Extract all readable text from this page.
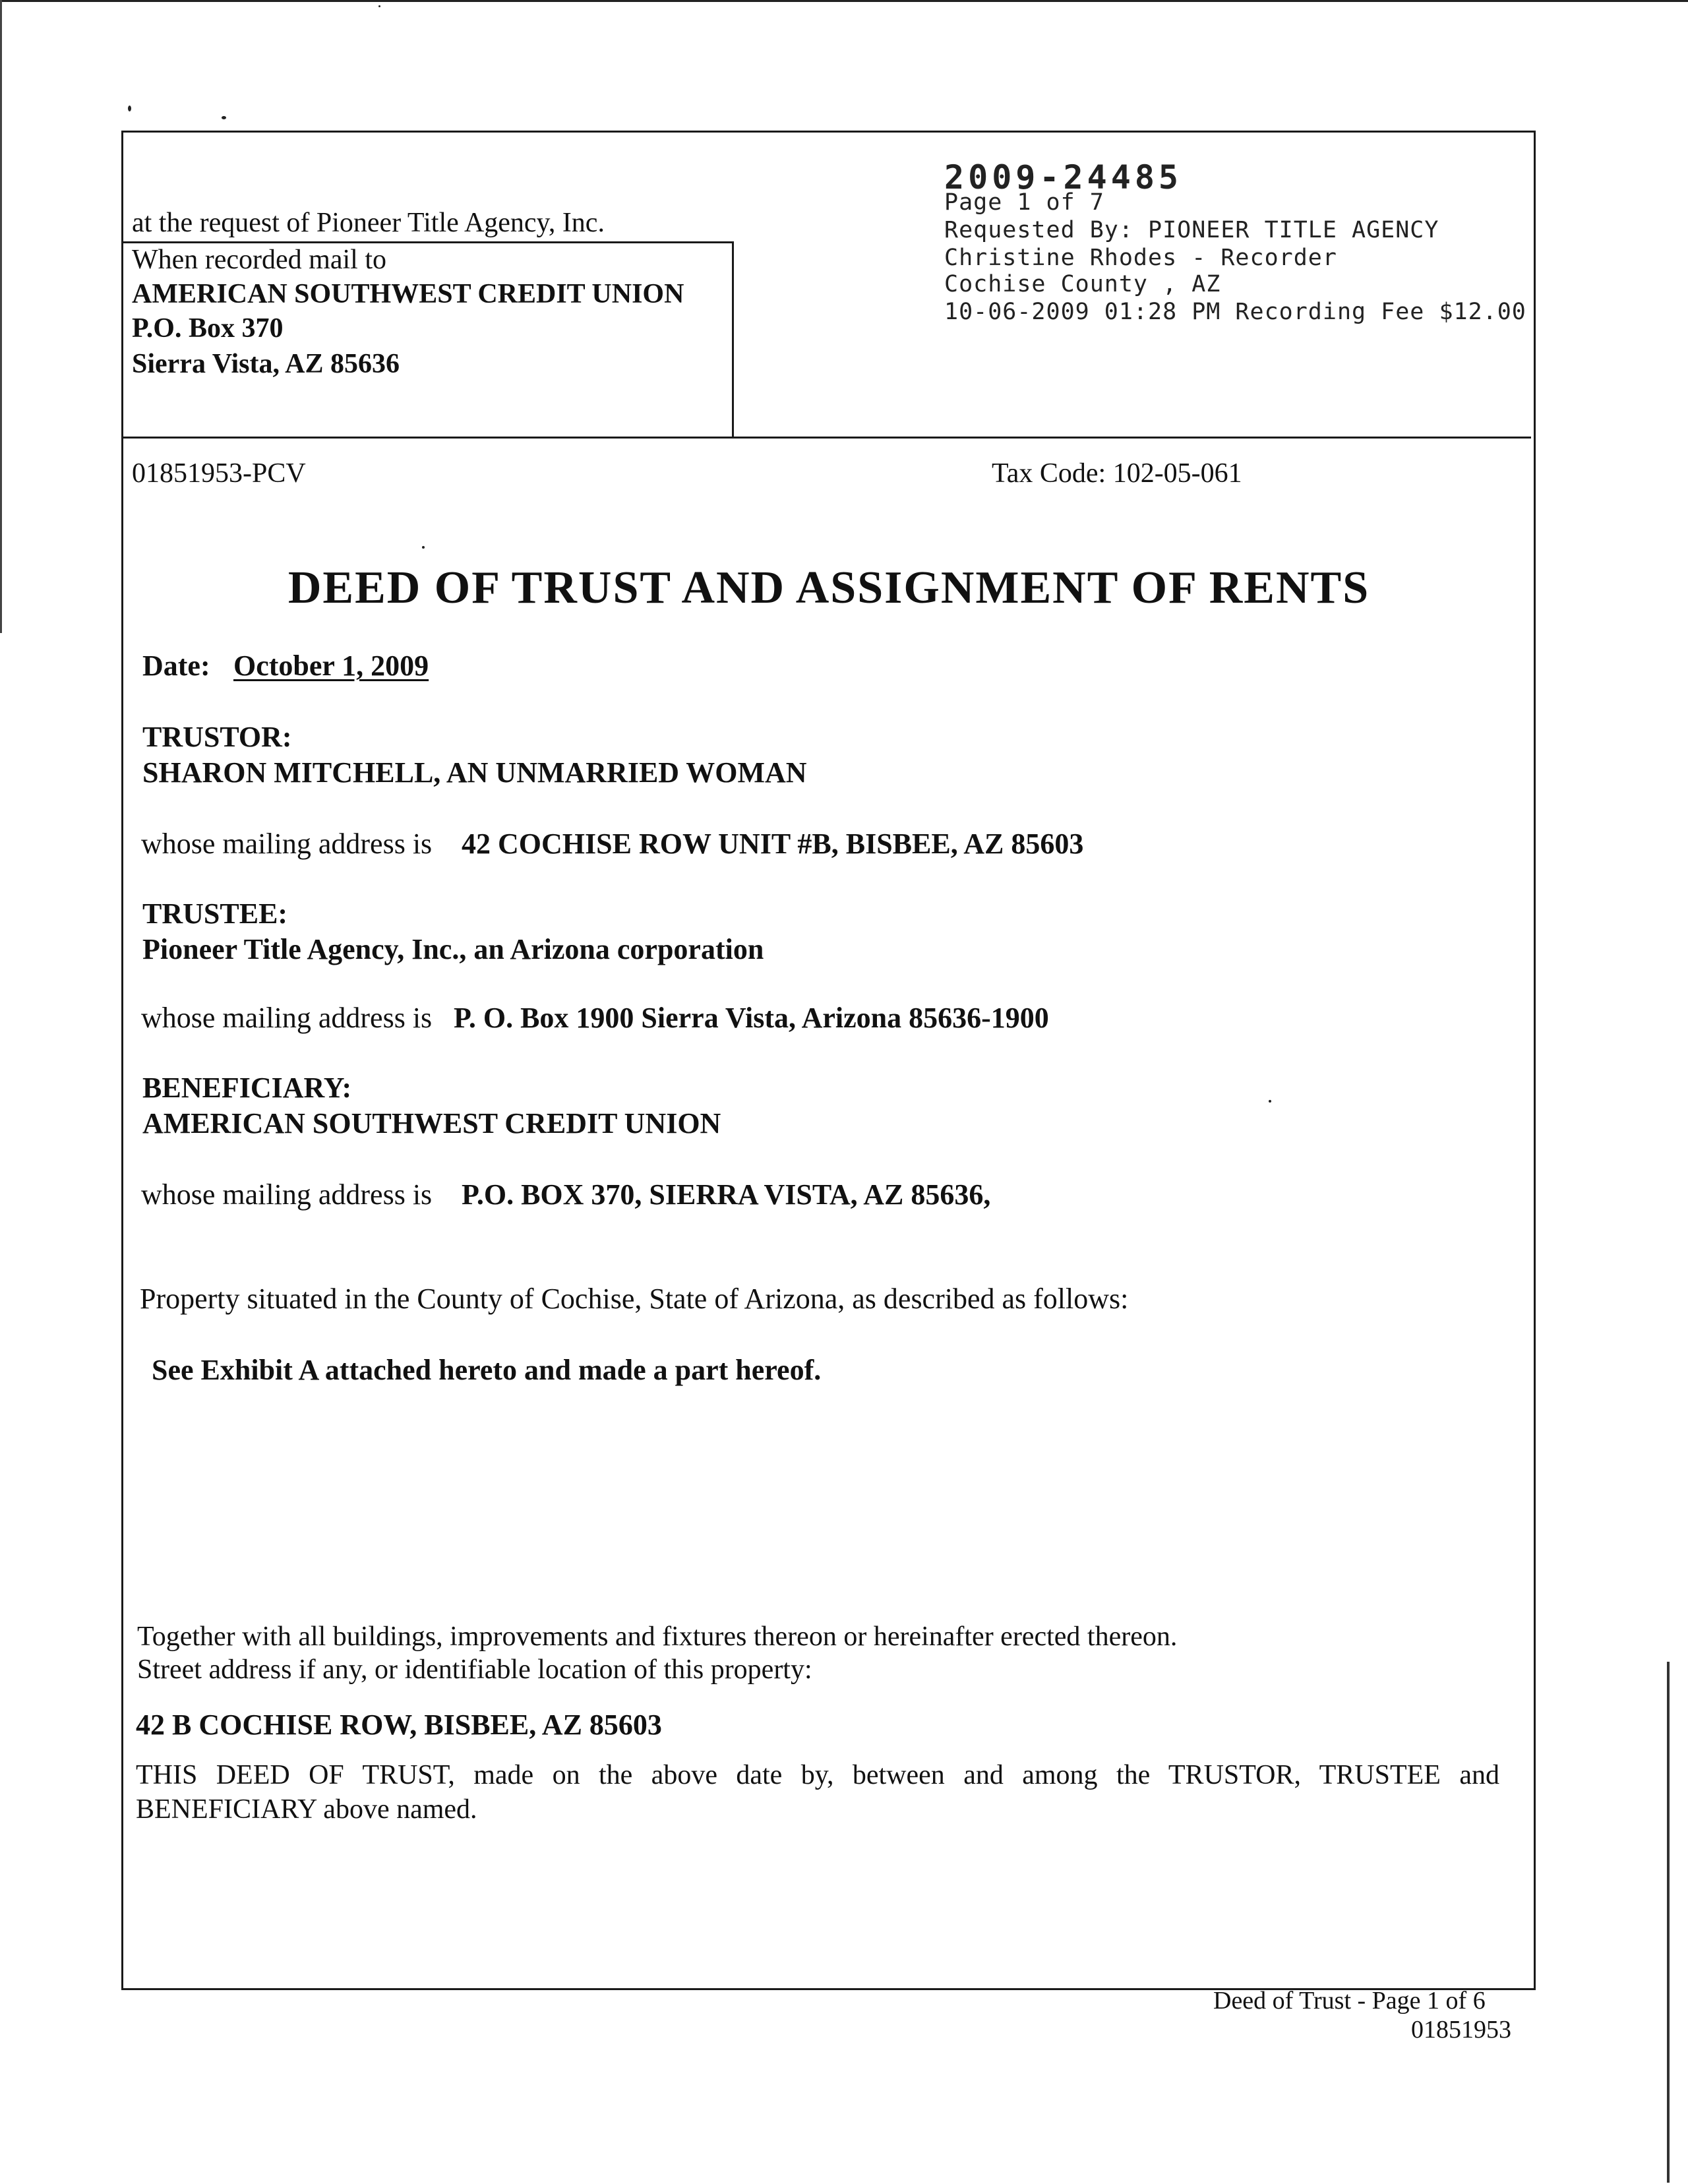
at the request of Pioneer Title Agency, Inc.
When recorded mail to
AMERICAN SOUTHWEST CREDIT UNION
P.O. Box 370
Sierra Vista, AZ 85636
2009-24485
Page 1 of 7
Requested By: PIONEER TITLE AGENCY
Christine Rhodes - Recorder
Cochise County , AZ
10-06-2009 01:28 PM Recording Fee $12.00
01851953-PCV	Tax Code: 102-05-061
DEED OF TRUST AND ASSIGNMENT OF RENTS
Date: October 1, 2009
TRUSTOR:
SHARON MITCHELL, AN UNMARRIED WOMAN
whose mailing address is 42 COCHISE ROW UNIT #B, BISBEE, AZ 85603
TRUSTEE:
Pioneer Title Agency, Inc., an Arizona corporation
whose mailing address is P. O. Box 1900 Sierra Vista, Arizona 85636-1900
BENEFICIARY:
AMERICAN SOUTHWEST CREDIT UNION
whose mailing address is P.O. BOX 370, SIERRA VISTA, AZ 85636,
Property situated in the County of Cochise, State of Arizona, as described as follows:
See Exhibit A attached hereto and made a part hereof.
Together with all buildings, improvements and fixtures thereon or hereinafter erected thereon.
Street address if any, or identifiable location of this property:
42 B COCHISE ROW, BISBEE, AZ 85603
THIS DEED OF TRUST, made on the above date by, between and among the TRUSTOR, TRUSTEE and
BENEFICIARY above named.
Deed of Trust - Page 1 of 6
01851953
